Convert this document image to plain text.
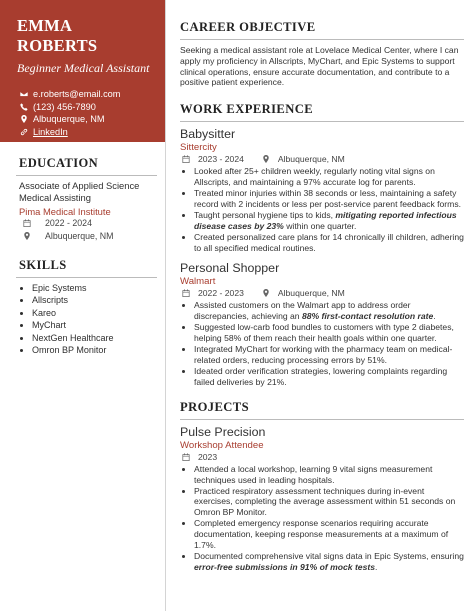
EMMA ROBERTS
Beginner Medical Assistant
e.roberts@email.com
(123) 456-7890
Albuquerque, NM
LinkedIn
EDUCATION
Associate of Applied Science Medical Assisting
Pima Medical Institute
2022 - 2024
Albuquerque, NM
SKILLS
• Epic Systems
• Allscripts
• Kareo
• MyChart
• NextGen Healthcare
• Omron BP Monitor
CAREER OBJECTIVE
Seeking a medical assistant role at Lovelace Medical Center, where I can apply my proficiency in Allscripts, MyChart, and Epic Systems to support clinical operations, ensure accurate documentation, and contribute to a positive patient experience.
WORK EXPERIENCE
Babysitter
Sittercity
2023 - 2024	Albuquerque, NM
• Looked after 25+ children weekly, regularly noting vital signs on Allscripts, and maintaining a 97% accurate log for parents.
• Treated minor injuries within 38 seconds or less, maintaining a safety record with 2 incidents or less per post-service parent feedback forms.
• Taught personal hygiene tips to kids, mitigating reported infectious disease cases by 23% within one quarter.
• Created personalized care plans for 14 chronically ill children, adhering to all specified medical routines.
Personal Shopper
Walmart
2022 - 2023	Albuquerque, NM
• Assisted customers on the Walmart app to address order discrepancies, achieving an 88% first-contact resolution rate.
• Suggested low-carb food bundles to customers with type 2 diabetes, helping 58% of them reach their health goals within one quarter.
• Integrated MyChart for working with the pharmacy team on medical-related orders, reducing processing errors by 51%.
• Ideated order verification strategies, lowering complaints regarding failed deliveries by 21%.
PROJECTS
Pulse Precision
Workshop Attendee
2023
• Attended a local workshop, learning 9 vital signs measurement techniques used in leading hospitals.
• Practiced respiratory assessment techniques during in-event exercises, completing the average assessment within 51 seconds on Omron BP Monitor.
• Completed emergency response scenarios requiring accurate documentation, keeping response measurements at a maximum of 1.7%.
• Documented comprehensive vital signs data in Epic Systems, ensuring error-free submissions in 91% of mock tests.
